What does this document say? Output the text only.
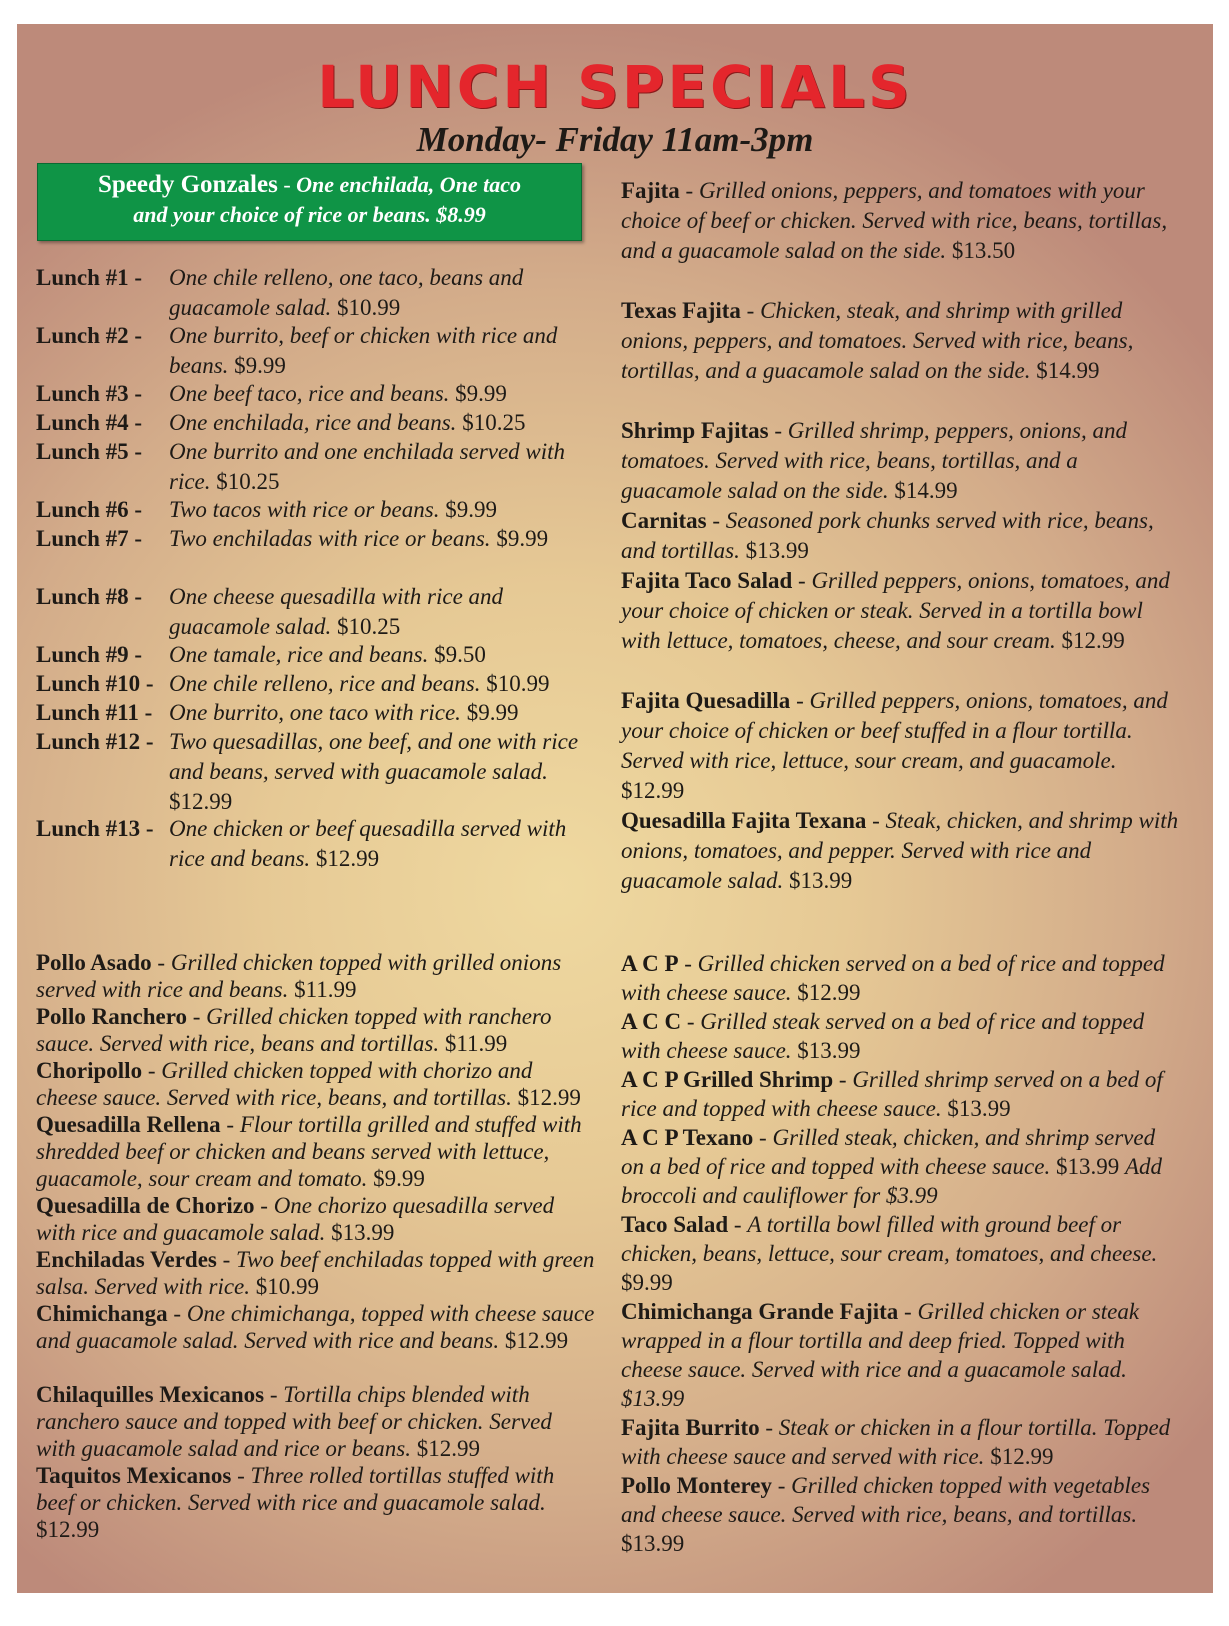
LUNCH SPECIALS
Monday- Friday 11am-3pm
Speedy Gonzales - One enchilada, One taco
and your choice of rice or beans. $8.99
Lunch #1 - One chile relleno, one taco, beans and guacamole salad. $10.99
Lunch #2 - One burrito, beef or chicken with rice and beans. $9.99
Lunch #3 - One beef taco, rice and beans. $9.99
Lunch #4 - One enchilada, rice and beans. $10.25
Lunch #5 - One burrito and one enchilada served with rice. $10.25
Lunch #6 - Two tacos with rice or beans. $9.99
Lunch #7 - Two enchiladas with rice or beans. $9.99
Lunch #8 - One cheese quesadilla with rice and guacamole salad. $10.25
Lunch #9 - One tamale, rice and beans. $9.50
Lunch #10 - One chile relleno, rice and beans. $10.99
Lunch #11 - One burrito, one taco with rice. $9.99
Lunch #12 - Two quesadillas, one beef, and one with rice and beans, served with guacamole salad. $12.99
Lunch #13 - One chicken or beef quesadilla served with rice and beans. $12.99
Fajita - Grilled onions, peppers, and tomatoes with your choice of beef or chicken. Served with rice, beans, tortillas, and a guacamole salad on the side. $13.50
Texas Fajita - Chicken, steak, and shrimp with grilled onions, peppers, and tomatoes. Served with rice, beans, tortillas, and a guacamole salad on the side. $14.99
Shrimp Fajitas - Grilled shrimp, peppers, onions, and tomatoes. Served with rice, beans, tortillas, and a guacamole salad on the side. $14.99
Carnitas - Seasoned pork chunks served with rice, beans, and tortillas. $13.99
Fajita Taco Salad - Grilled peppers, onions, tomatoes, and your choice of chicken or steak. Served in a tortilla bowl with lettuce, tomatoes, cheese, and sour cream. $12.99
Fajita Quesadilla - Grilled peppers, onions, tomatoes, and your choice of chicken or beef stuffed in a flour tortilla. Served with rice, lettuce, sour cream, and guacamole. $12.99
Quesadilla Fajita Texana - Steak, chicken, and shrimp with onions, tomatoes, and pepper. Served with rice and guacamole salad. $13.99
Pollo Asado - Grilled chicken topped with grilled onions served with rice and beans. $11.99
Pollo Ranchero - Grilled chicken topped with ranchero sauce. Served with rice, beans and tortillas. $11.99
Choripollo - Grilled chicken topped with chorizo and cheese sauce. Served with rice, beans, and tortillas. $12.99
Quesadilla Rellena - Flour tortilla grilled and stuffed with shredded beef or chicken and beans served with lettuce, guacamole, sour cream and tomato. $9.99
Quesadilla de Chorizo - One chorizo quesadilla served with rice and guacamole salad. $13.99
Enchiladas Verdes - Two beef enchiladas topped with green salsa. Served with rice. $10.99
Chimichanga - One chimichanga, topped with cheese sauce and guacamole salad. Served with rice and beans. $12.99
Chilaquilles Mexicanos - Tortilla chips blended with ranchero sauce and topped with beef or chicken. Served with guacamole salad and rice or beans. $12.99
Taquitos Mexicanos - Three rolled tortillas stuffed with beef or chicken. Served with rice and guacamole salad. $12.99
A C P - Grilled chicken served on a bed of rice and topped with cheese sauce. $12.99
A C C - Grilled steak served on a bed of rice and topped with cheese sauce. $13.99
A C P Grilled Shrimp - Grilled shrimp served on a bed of rice and topped with cheese sauce. $13.99
A C P Texano - Grilled steak, chicken, and shrimp served on a bed of rice and topped with cheese sauce. $13.99 Add broccoli and cauliflower for $3.99
Taco Salad - A tortilla bowl filled with ground beef or chicken, beans, lettuce, sour cream, tomatoes, and cheese. $9.99
Chimichanga Grande Fajita - Grilled chicken or steak wrapped in a flour tortilla and deep fried. Topped with cheese sauce. Served with rice and a guacamole salad. $13.99
Fajita Burrito - Steak or chicken in a flour tortilla. Topped with cheese sauce and served with rice. $12.99
Pollo Monterey - Grilled chicken topped with vegetables and cheese sauce. Served with rice, beans, and tortillas. $13.99
